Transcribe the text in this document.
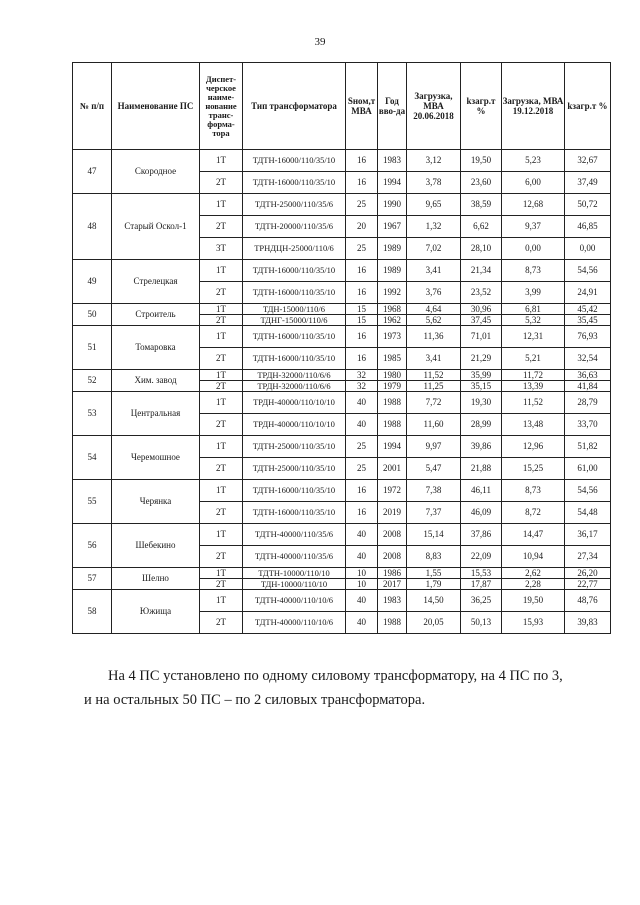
39
№ п/п	Наименование ПС	Диспет-черское наиме-нование транс-форма-тора	Тип трансформатора	Sном,т МВА	Год вво-да	Загрузка, МВА 20.06.2018	kзагр.т %	Загрузка, МВА 19.12.2018	kзагр.т %
47	Скородное	1Т	ТДТН-16000/110/35/10	16	1983	3,12	19,50	5,23	32,67
		2Т	ТДТН-16000/110/35/10	16	1994	3,78	23,60	6,00	37,49
48	Старый Оскол-1	1Т	ТДТН-25000/110/35/6	25	1990	9,65	38,59	12,68	50,72
		2Т	ТДТН-20000/110/35/6	20	1967	1,32	6,62	9,37	46,85
		3Т	ТРНДЦН-25000/110/6	25	1989	7,02	28,10	0,00	0,00
49	Стрелецкая	1Т	ТДТН-16000/110/35/10	16	1989	3,41	21,34	8,73	54,56
		2Т	ТДТН-16000/110/35/10	16	1992	3,76	23,52	3,99	24,91
50	Строитель	1Т	ТДН-15000/110/6	15	1968	4,64	30,96	6,81	45,42
		2Т	ТДНГ-15000/110/6	15	1962	5,62	37,45	5,32	35,45
51	Томаровка	1Т	ТДТН-16000/110/35/10	16	1973	11,36	71,01	12,31	76,93
		2Т	ТДТН-16000/110/35/10	16	1985	3,41	21,29	5,21	32,54
52	Хим. завод	1Т	ТРДН-32000/110/6/6	32	1980	11,52	35,99	11,72	36,63
		2Т	ТРДН-32000/110/6/6	32	1979	11,25	35,15	13,39	41,84
53	Центральная	1Т	ТРДН-40000/110/10/10	40	1988	7,72	19,30	11,52	28,79
		2Т	ТРДН-40000/110/10/10	40	1988	11,60	28,99	13,48	33,70
54	Черемошное	1Т	ТДТН-25000/110/35/10	25	1994	9,97	39,86	12,96	51,82
		2Т	ТДТН-25000/110/35/10	25	2001	5,47	21,88	15,25	61,00
55	Черянка	1Т	ТДТН-16000/110/35/10	16	1972	7,38	46,11	8,73	54,56
		2Т	ТДТН-16000/110/35/10	16	2019	7,37	46,09	8,72	54,48
56	Шебекино	1Т	ТДТН-40000/110/35/6	40	2008	15,14	37,86	14,47	36,17
		2Т	ТДТН-40000/110/35/6	40	2008	8,83	22,09	10,94	27,34
57	Шелно	1Т	ТДТН-10000/110/10	10	1986	1,55	15,53	2,62	26,20
		2Т	ТДН-10000/110/10	10	2017	1,79	17,87	2,28	22,77
58	Южища	1Т	ТДТН-40000/110/10/6	40	1983	14,50	36,25	19,50	48,76
		2Т	ТДТН-40000/110/10/6	40	1988	20,05	50,13	15,93	39,83

На 4 ПС установлено по одному силовому трансформатору, на 4 ПС по 3,

и на остальных 50 ПС – по 2 силовых трансформатора.
